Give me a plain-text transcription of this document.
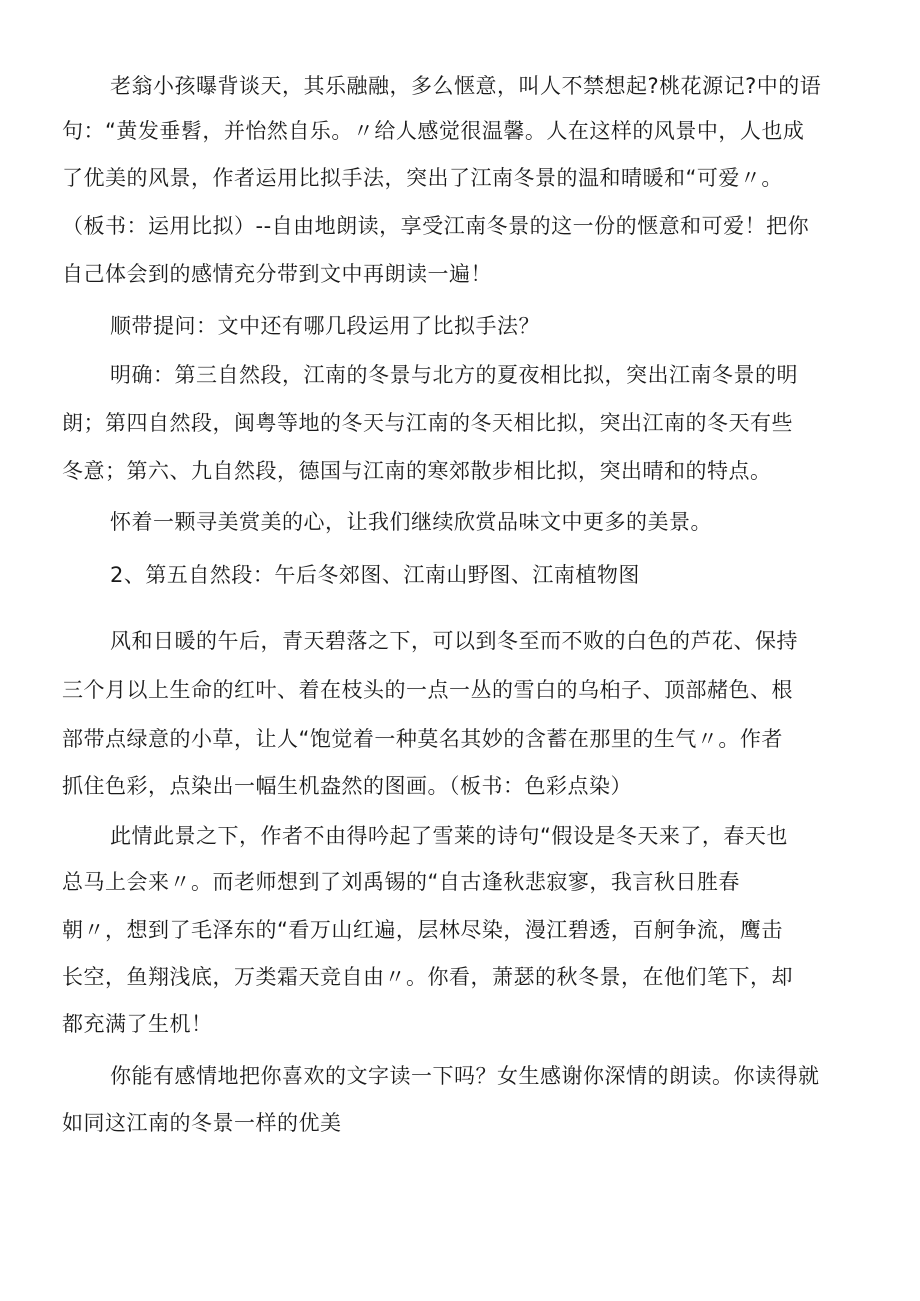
老翁小孩曝背谈天，其乐融融，多么惬意，叫人不禁想起?桃花源记?中的语
句：“黄发垂髫，并怡然自乐。〃给人感觉很温馨。人在这样的风景中，人也成
了优美的风景，作者运用比拟手法，突出了江南冬景的温和晴暖和“可爱〃。
（板书：运用比拟）--自由地朗读，享受江南冬景的这一份的惬意和可爱！把你
自己体会到的感情充分带到文中再朗读一遍！
顺带提问：文中还有哪几段运用了比拟手法？
明确：第三自然段，江南的冬景与北方的夏夜相比拟，突出江南冬景的明
朗；第四自然段，闽粤等地的冬天与江南的冬天相比拟，突出江南的冬天有些
冬意；第六、九自然段，德国与江南的寒郊散步相比拟，突出晴和的特点。
怀着一颗寻美赏美的心，让我们继续欣赏品味文中更多的美景。
2、第五自然段：午后冬郊图、江南山野图、江南植物图
风和日暖的午后，青天碧落之下，可以到冬至而不败的白色的芦花、保持
三个月以上生命的红叶、着在枝头的一点一丛的雪白的乌桕子、顶部赭色、根
部带点绿意的小草，让人“饱觉着一种莫名其妙的含蓄在那里的生气〃。作者
抓住色彩，点染出一幅生机盎然的图画。（板书：色彩点染）
此情此景之下，作者不由得吟起了雪莱的诗句“假设是冬天来了，春天也
总马上会来〃。而老师想到了刘禹锡的“自古逢秋悲寂寥，我言秋日胜春
朝〃，想到了毛泽东的“看万山红遍，层林尽染，漫江碧透，百舸争流，鹰击
长空，鱼翔浅底，万类霜天竞自由〃。你看，萧瑟的秋冬景，在他们笔下，却
都充满了生机！
你能有感情地把你喜欢的文字读一下吗？女生感谢你深情的朗读。你读得就
如同这江南的冬景一样的优美
